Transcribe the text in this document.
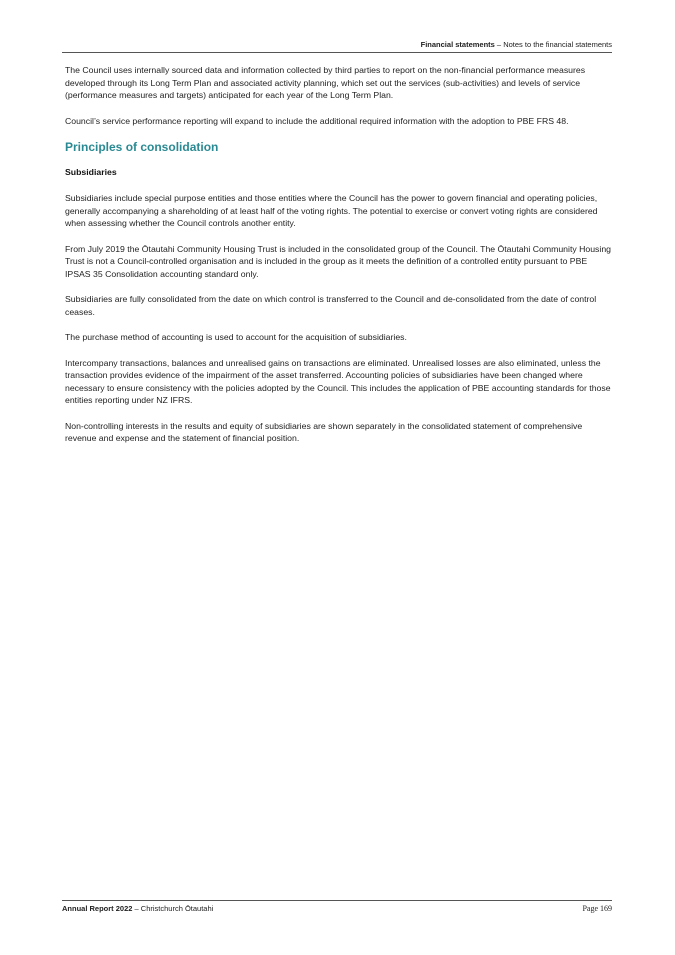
Financial statements – Notes to the financial statements

The Council uses internally sourced data and information collected by third parties to report on the non-financial performance measures developed through its Long Term Plan and associated activity planning, which set out the services (sub-activities) and levels of service (performance measures and targets) anticipated for each year of the Long Term Plan.

Council’s service performance reporting will expand to include the additional required information with the adoption to PBE FRS 48.

Principles of consolidation
Subsidiaries

Subsidiaries include special purpose entities and those entities where the Council has the power to govern financial and operating policies, generally accompanying a shareholding of at least half of the voting rights. The potential to exercise or convert voting rights are considered when assessing whether the Council controls another entity.

From July 2019 the Ōtautahi Community Housing Trust is included in the consolidated group of the Council. The Ōtautahi Community Housing Trust is not a Council-controlled organisation and is included in the group as it meets the definition of a controlled entity pursuant to PBE IPSAS 35 Consolidation accounting standard only.

Subsidiaries are fully consolidated from the date on which control is transferred to the Council and de-consolidated from the date of control ceases.

The purchase method of accounting is used to account for the acquisition of subsidiaries.

Intercompany transactions, balances and unrealised gains on transactions are eliminated. Unrealised losses are also eliminated, unless the transaction provides evidence of the impairment of the asset transferred. Accounting policies of subsidiaries have been changed where necessary to ensure consistency with the policies adopted by the Council. This includes the application of PBE accounting standards for those entities reporting under NZ IFRS.

Non-controlling interests in the results and equity of subsidiaries are shown separately in the consolidated statement of comprehensive revenue and expense and the statement of financial position.

Annual Report 2022 – Christchurch Ōtautahi	Page 169
